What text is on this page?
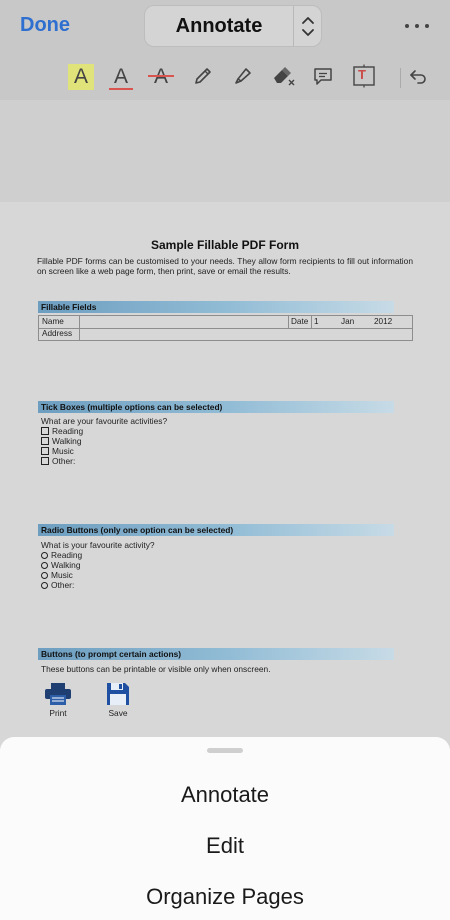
Done	Annotate
A A	T
Sample Fillable PDF Form
Fillable PDF forms can be customised to your needs. They allow form recipients to fill out information on screen like a web page form, then print, save or email the results.
Fillable Fields
Name	Date 1	Jan 2012
Address
Tick Boxes (multiple options can be selected)
What are your favourite activities?
Reading
Walking
Music
Other:
Radio Buttons (only one option can be selected)
What is your favourite activity?
Reading
Walking
Music
Other:
Buttons (to prompt certain actions)
These buttons can be printable or visible only when onscreen.
Print	Save
Annotate
Edit
Organize Pages
